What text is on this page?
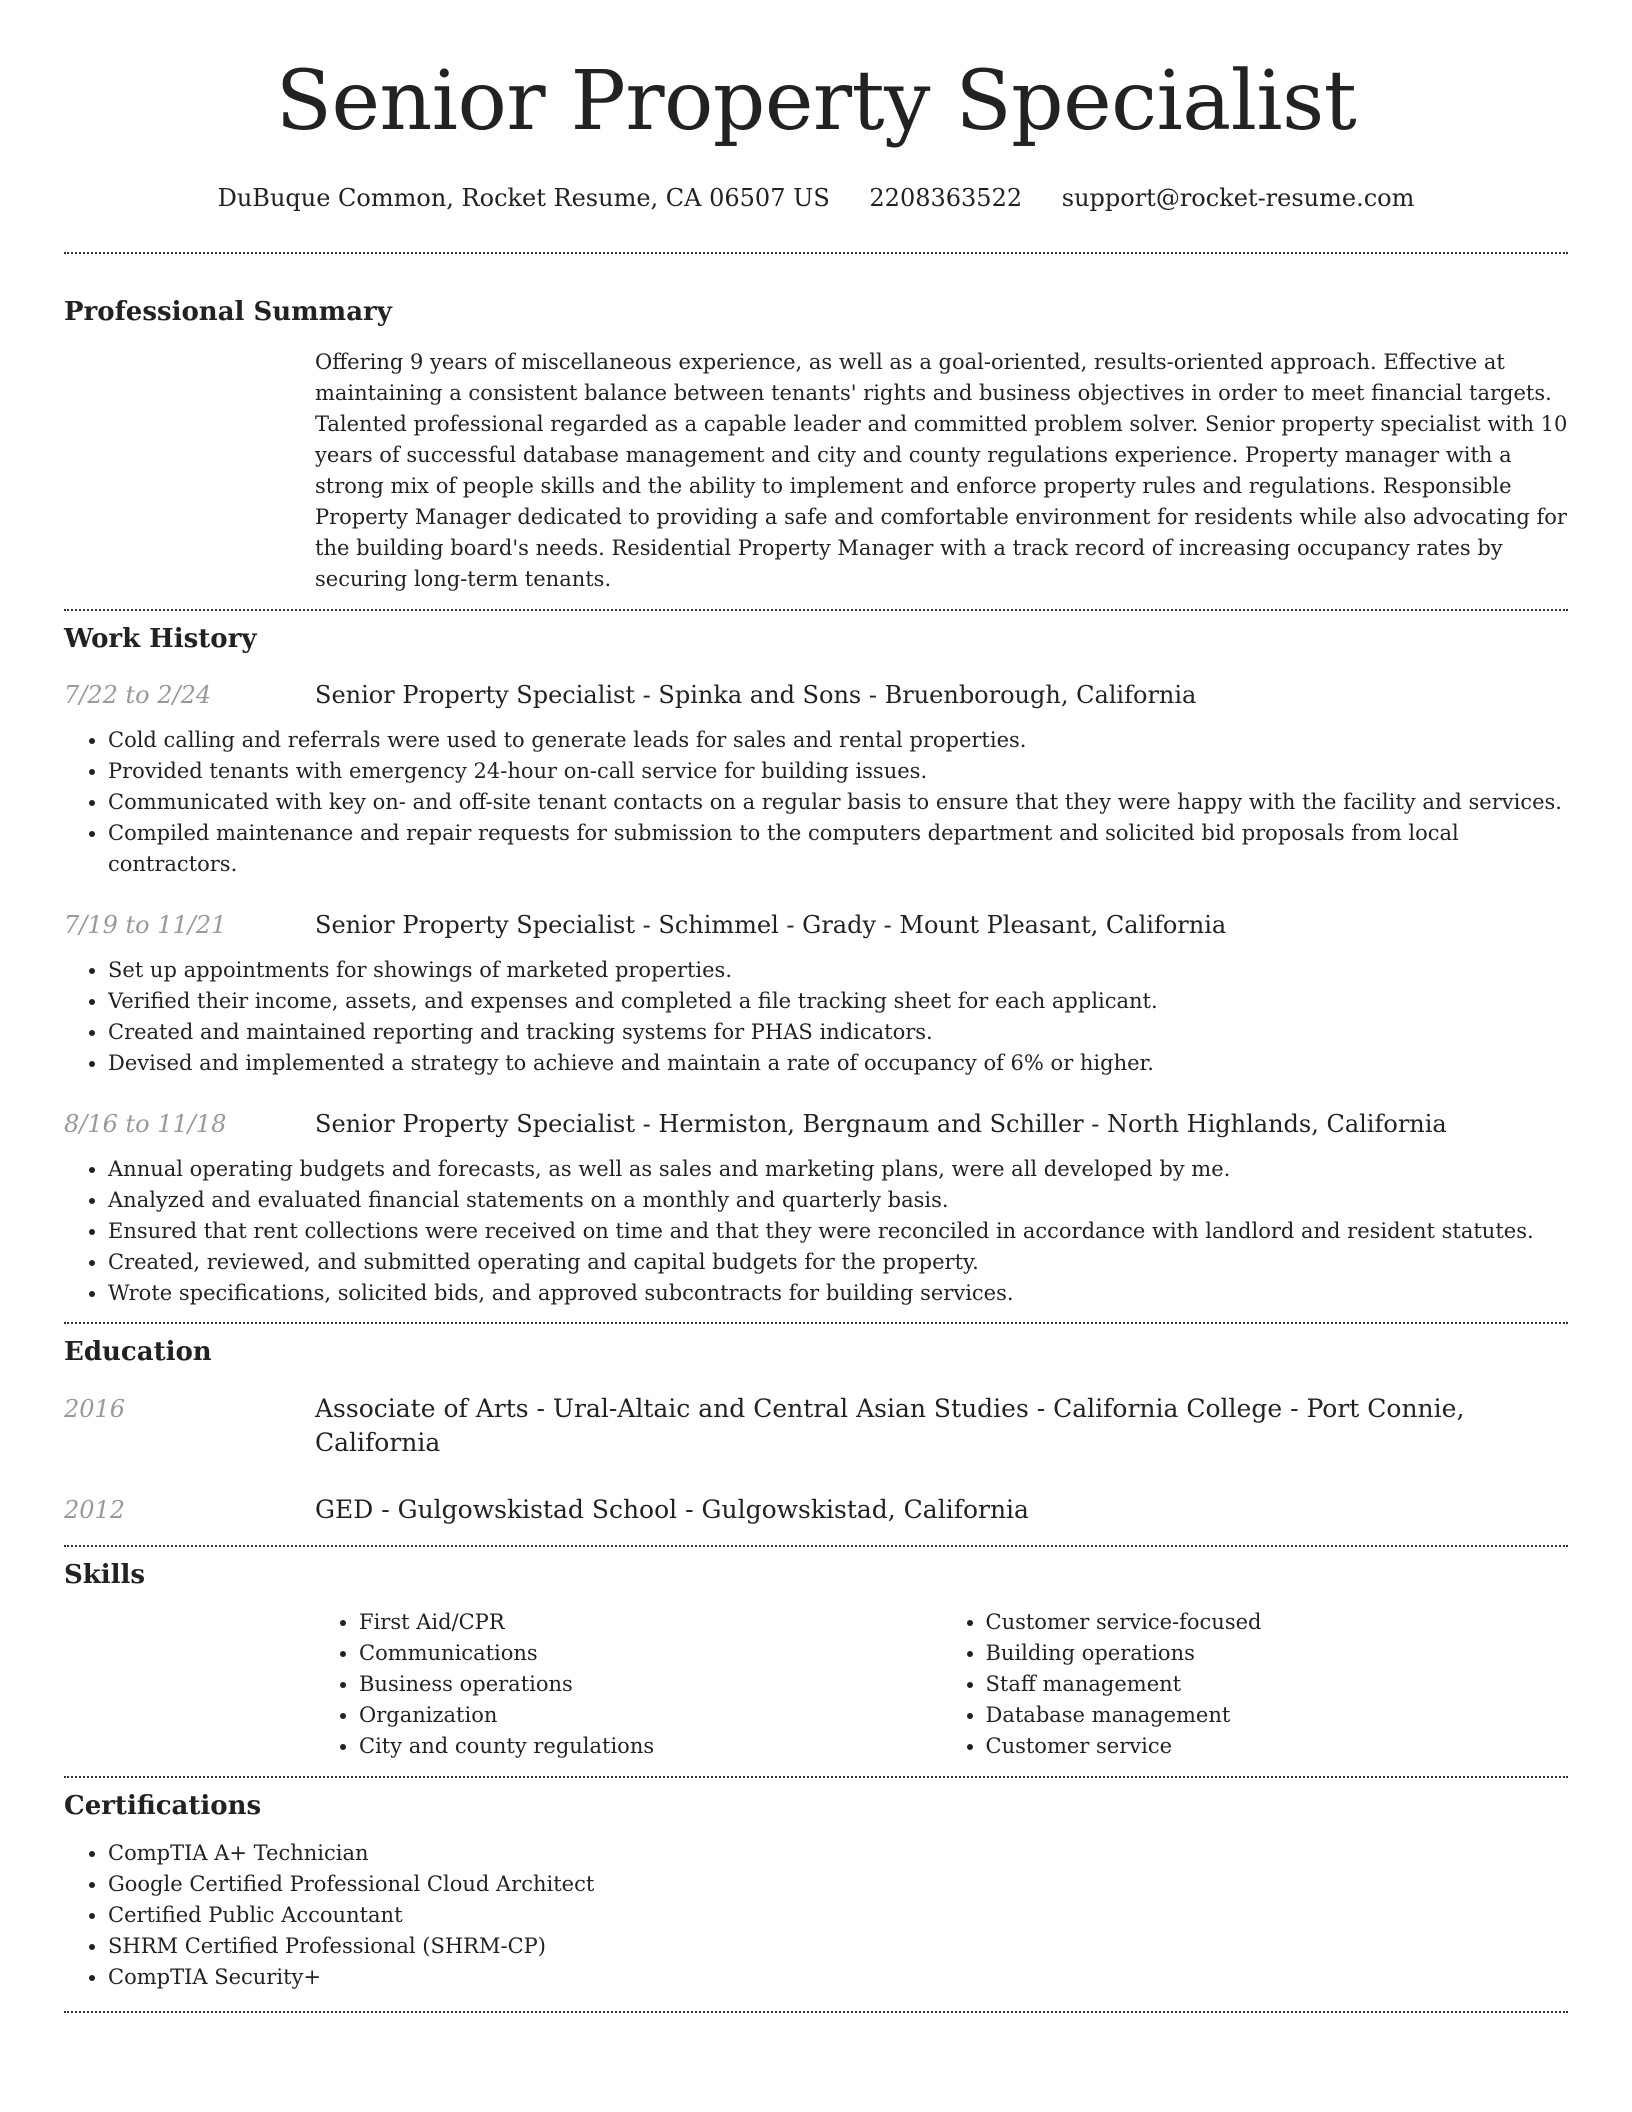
Senior Property Specialist
DuBuque Common, Rocket Resume, CA 06507 US 2208363522 support@rocket-resume.com
Professional Summary
Offering 9 years of miscellaneous experience, as well as a goal-oriented, results-oriented approach. Effective at maintaining a consistent balance between tenants' rights and business objectives in order to meet financial targets. Talented professional regarded as a capable leader and committed problem solver. Senior property specialist with 10 years of successful database management and city and county regulations experience. Property manager with a strong mix of people skills and the ability to implement and enforce property rules and regulations. Responsible Property Manager dedicated to providing a safe and comfortable environment for residents while also advocating for the building board's needs. Residential Property Manager with a track record of increasing occupancy rates by securing long-term tenants.
Work History
7/22 to 2/24	Senior Property Specialist - Spinka and Sons - Bruenborough, California
• Cold calling and referrals were used to generate leads for sales and rental properties.
• Provided tenants with emergency 24-hour on-call service for building issues.
• Communicated with key on- and off-site tenant contacts on a regular basis to ensure that they were happy with the facility and services.
• Compiled maintenance and repair requests for submission to the computers department and solicited bid proposals from local contractors.
7/19 to 11/21	Senior Property Specialist - Schimmel - Grady - Mount Pleasant, California
• Set up appointments for showings of marketed properties.
• Verified their income, assets, and expenses and completed a file tracking sheet for each applicant.
• Created and maintained reporting and tracking systems for PHAS indicators.
• Devised and implemented a strategy to achieve and maintain a rate of occupancy of 6% or higher.
8/16 to 11/18	Senior Property Specialist - Hermiston, Bergnaum and Schiller - North Highlands, California
• Annual operating budgets and forecasts, as well as sales and marketing plans, were all developed by me.
• Analyzed and evaluated financial statements on a monthly and quarterly basis.
• Ensured that rent collections were received on time and that they were reconciled in accordance with landlord and resident statutes.
• Created, reviewed, and submitted operating and capital budgets for the property.
• Wrote specifications, solicited bids, and approved subcontracts for building services.
Education
2016	Associate of Arts - Ural-Altaic and Central Asian Studies - California College - Port Connie, California
2012	GED - Gulgowskistad School - Gulgowskistad, California
Skills
• First Aid/CPR
• Communications
• Business operations
• Organization
• City and county regulations
• Customer service-focused
• Building operations
• Staff management
• Database management
• Customer service
Certifications
• CompTIA A+ Technician
• Google Certified Professional Cloud Architect
• Certified Public Accountant
• SHRM Certified Professional (SHRM-CP)
• CompTIA Security+
